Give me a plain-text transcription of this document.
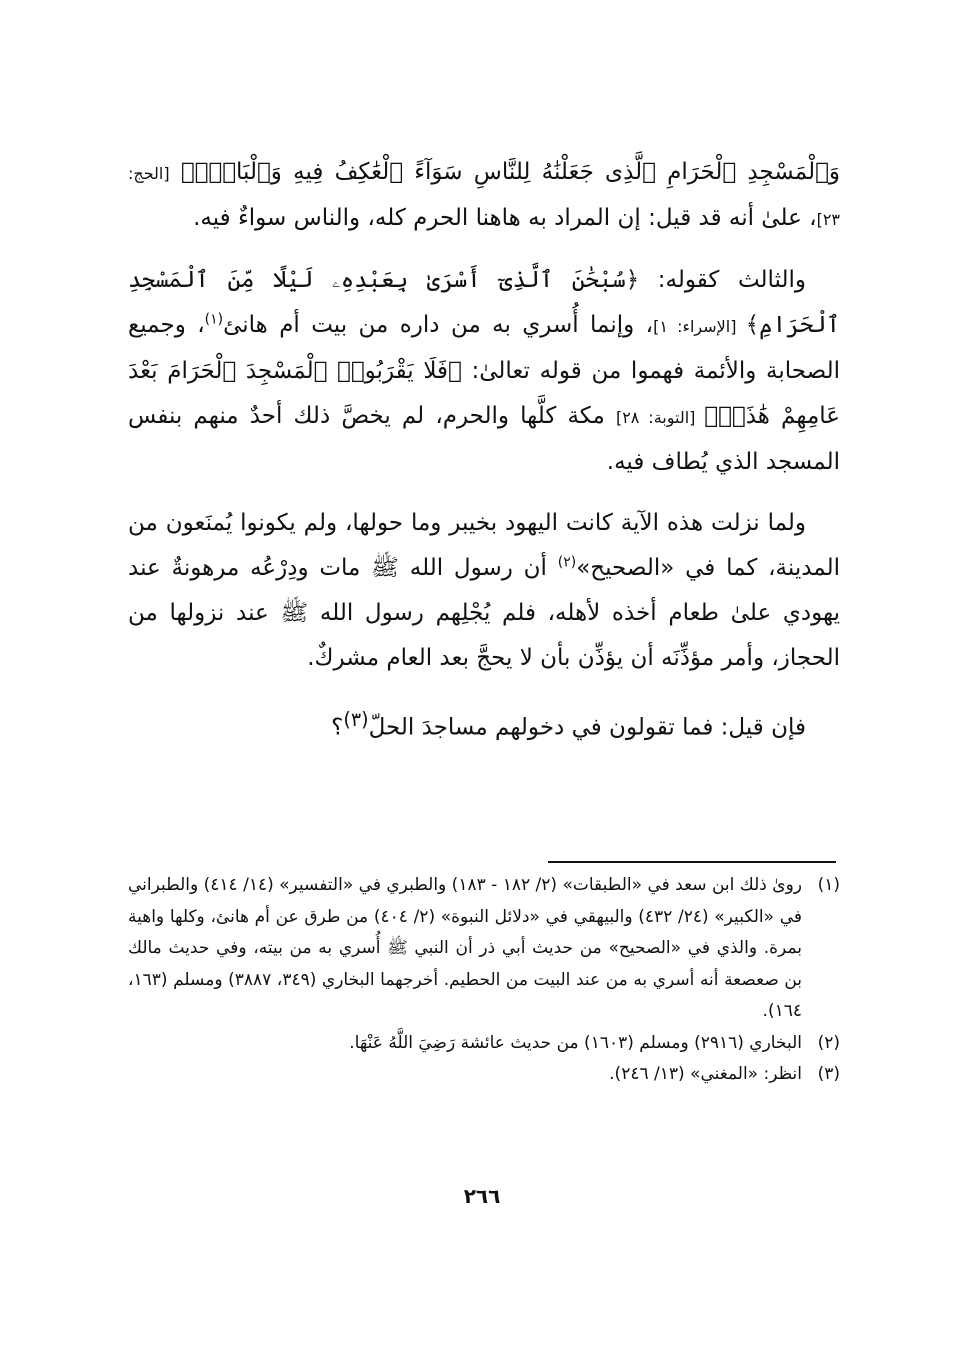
وَٱلْمَسْجِدِ ٱلْحَرَامِ ٱلَّذِى جَعَلْنَٰهُ لِلنَّاسِ سَوَآءً ٱلْعَٰكِفُ فِيهِ وَٱلْبَادِۚ﴾ [الحج: ٢٣]، علىٰ أنه قد قيل: إن المراد به هاهنا الحرم كله، والناس سواءٌ فيه.

والثالث كقوله: ﴿سُبْحَٰنَ ٱلَّذِىٓ أَسْرَىٰ بِعَبْدِهِۦ لَيْلًا مِّنَ ٱلْمَسْجِدِ ٱلْحَرَامِ﴾ [الإسراء: ١]، وإنما أُسري به من داره من بيت أم هانئ$^{(١)}$، وجميع الصحابة والأئمة فهموا من قوله تعالىٰ: ﴿فَلَا يَقْرَبُوا۟ ٱلْمَسْجِدَ ٱلْحَرَامَ بَعْدَ عَامِهِمْ هَٰذَاۚ﴾ [التوبة: ٢٨] مكة كلَّها والحرم، لم يخصَّ ذلك أحدٌ منهم بنفس المسجد الذي يُطاف فيه.

ولما نزلت هذه الآية كانت اليهود بخيبر وما حولها، ولم يكونوا يُمنَعون من المدينة، كما في «الصحيح»$^{(٢)}$ أن رسول الله ﷺ مات ودِرْعُه مرهونةٌ عند يهودي علىٰ طعام أخذه لأهله، فلم يُجْلِهم رسول الله ﷺ عند نزولها من الحجاز، وأمر مؤذِّنَه أن يؤذِّن بأن لا يحجَّ بعد العام مشركٌ.

فإن قيل: فما تقولون في دخولهم مساجدَ الحلّ$^{(٣)}$؟

(١)
روىٰ ذلك ابن سعد في «الطبقات» (٢/ ١٨٢ - ١٨٣) والطبري في «التفسير» (١٤/ ٤١٤) والطبراني في «الكبير» (٢٤/ ٤٣٢) والبيهقي في «دلائل النبوة» (٢/ ٤٠٤) من طرق عن أم هانئ، وكلها واهية بمرة. والذي في «الصحيح» من حديث أبي ذر أن النبي ﷺ أُسري به من بيته، وفي حديث مالك بن صعصعة أنه أسري به من عند البيت من الحطيم. أخرجهما البخاري (٣٤٩، ٣٨٨٧) ومسلم (١٦٣، ١٦٤).
(٢)
البخاري (٢٩١٦) ومسلم (١٦٠٣) من حديث عائشة رَضِيَ اللَّهُ عَنْهَا.
(٣)
انظر: «المغني» (١٣/ ٢٤٦).
٢٦٦
